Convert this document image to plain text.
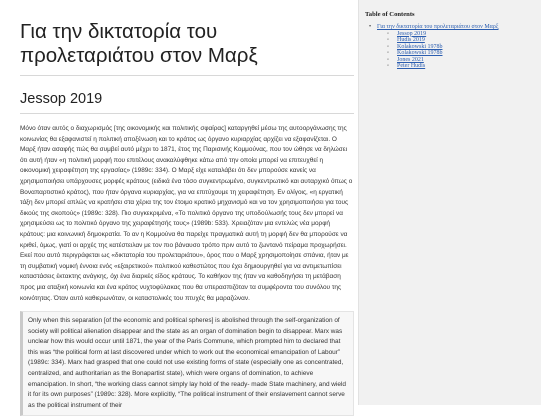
Για την δικτατορία του προλεταριάτου στον Μαρξ
Jessop 2019

Μόνο όταν αυτός ο διαχωρισμός [της οικονομικής και πολιτικής σφαίρας] καταργηθεί μέσω της αυτοοργάνωσης της κοινωνίας θα εξαφανιστεί η πολιτική αποξένωση και το κράτος ως όργανο κυριαρχίας αρχίζει να εξαφανίζεται. Ο Μαρξ ήταν ασαφής πώς θα συμβεί αυτό μέχρι το 1871, έτος της Παρισινής Κομμούνας, που τον ώθησε να δηλώσει ότι αυτή ήταν «η πολιτική μορφή που επιτέλους ανακαλύφθηκε κάτω από την οποία μπορεί να επιτευχθεί η οικονομική χειραφέτηση της εργασίας» (1989c: 334). Ο Μαρξ είχε καταλάβει ότι δεν μπορούσε κανείς να χρησιμοποιήσει υπάρχουσες μορφές κράτους (ειδικά ένα τόσο συγκεντρωμένο, συγκεντρωτικό και αυταρχικό όπως ο Βοναπαρτιστικό κράτος), που ήταν όργανα κυριαρχίας, για να επιτύχουμε τη χειραφέτηση. Εν ολίγοις, «η εργατική τάξη δεν μπορεί απλώς να κρατήσει στα χέρια της τον έτοιμο κρατικό μηχανισμό και να τον χρησιμοποιήσει για τους δικούς της σκοπούς» (1989c: 328). Πιο συγκεκριμένα, «Το πολιτικό όργανο της υποδούλωσής τους δεν μπορεί να χρησιμεύσει ως το πολιτικό όργανο της χειραφέτησής τους» (1989b: 533). Χρειαζόταν μια εντελώς νέα μορφή κράτους: μια κοινωνική δημοκρατία. Το αν η Κομμούνα θα παρείχε πραγματικά αυτή τη μορφή δεν θα μπορούσε να κριθεί, όμως, γιατί οι αρχές της κατέστειλαν με τον πιο βάναυσο τρόπο πριν αυτό το ζωντανό πείραμα προχωρήσει. Εκεί που αυτό περιγράφεται ως «δικτατορία του προλεταριάτου», όρος που ο Μαρξ χρησιμοποίησε σπάνια, ήταν με τη συμβατική νομική έννοια ενός «εξαιρετικού» πολιτικού καθεστώτος που έχει δημιουργηθεί για να αντιμετωπίσει καταστάσεις έκτακτης ανάγκης, όχι ένα διαρκές είδος κράτους. Το καθήκον της ήταν να καθοδηγήσει τη μετάβαση προς μια αταξική κοινωνία και ένα κράτος νυχτοφύλακας που θα υπερασπιζόταν τα συμφέροντα του συνόλου της κοινότητας. Όταν αυτό καθιερωνόταν, οι καταστολικές του πτυχές θα μαραζώναν.

Only when this separation [of the economic and political spheres] is abolished through the self-organization of society will political alienation disappear and the state as an organ of domination begin to disappear. Marx was unclear how this would occur until 1871, the year of the Paris Commune, which prompted him to declared that this was “the political form at last discovered under which to work out the economical emancipation of Labour” (1989c: 334). Marx had grasped that one could not use existing forms of state (especially one as concentrated, centralized, and authoritarian as the Bonapartist state), which were organs of domination, to achieve emancipation. In short, “the working class cannot simply lay hold of the ready- made State machinery, and wield it for its own purposes” (1989c: 328). More explicitly, “The political instrument of their enslavement cannot serve as the political instrument of their

Table of Contents
• Για την δικτατορία του προλεταριάτου στον Μαρξ
◦ Jessop 2019
◦ Hudis 2019
◦ Kolakowski 1978b
◦ Kolakowski 1978b
◦ Jones 2021
◦ Peter Hudis
